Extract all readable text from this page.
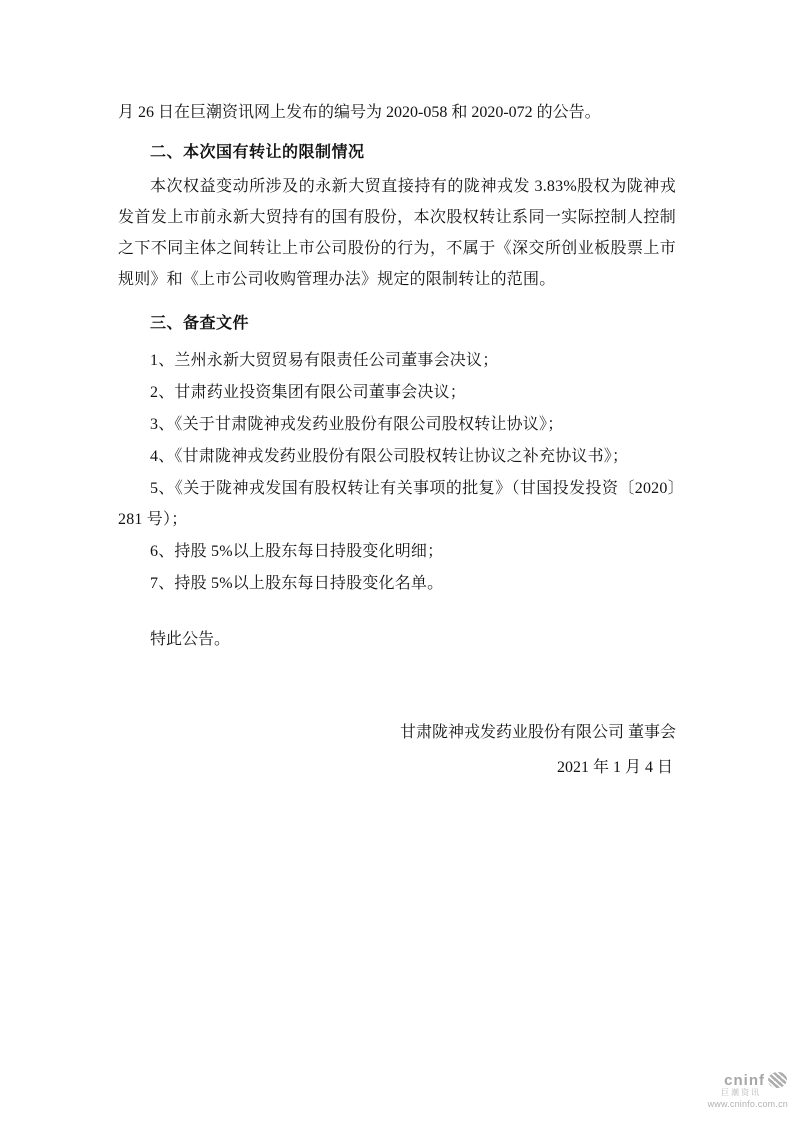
月 26 日在巨潮资讯网上发布的编号为 2020-058 和 2020-072 的公告。

二、本次国有转让的限制情况

本次权益变动所涉及的永新大贸直接持有的陇神戎发 3.83%股权为陇神戎发首发上市前永新大贸持有的国有股份，本次股权转让系同一实际控制人控制之下不同主体之间转让上市公司股份的行为，不属于《深交所创业板股票上市规则》和《上市公司收购管理办法》规定的限制转让的范围。

三、备查文件

1、兰州永新大贸贸易有限责任公司董事会决议；

2、甘肃药业投资集团有限公司董事会决议；

3、《关于甘肃陇神戎发药业股份有限公司股权转让协议》；

4、《甘肃陇神戎发药业股份有限公司股权转让协议之补充协议书》；

5、《关于陇神戎发国有股权转让有关事项的批复》（甘国投发投资〔2020〕281 号）；

6、持股 5%以上股东每日持股变化明细；

7、持股 5%以上股东每日持股变化名单。

特此公告。

甘肃陇神戎发药业股份有限公司 董事会

2021 年 1 月 4 日

cninf
巨潮资讯
www.cninfo.com.cn
